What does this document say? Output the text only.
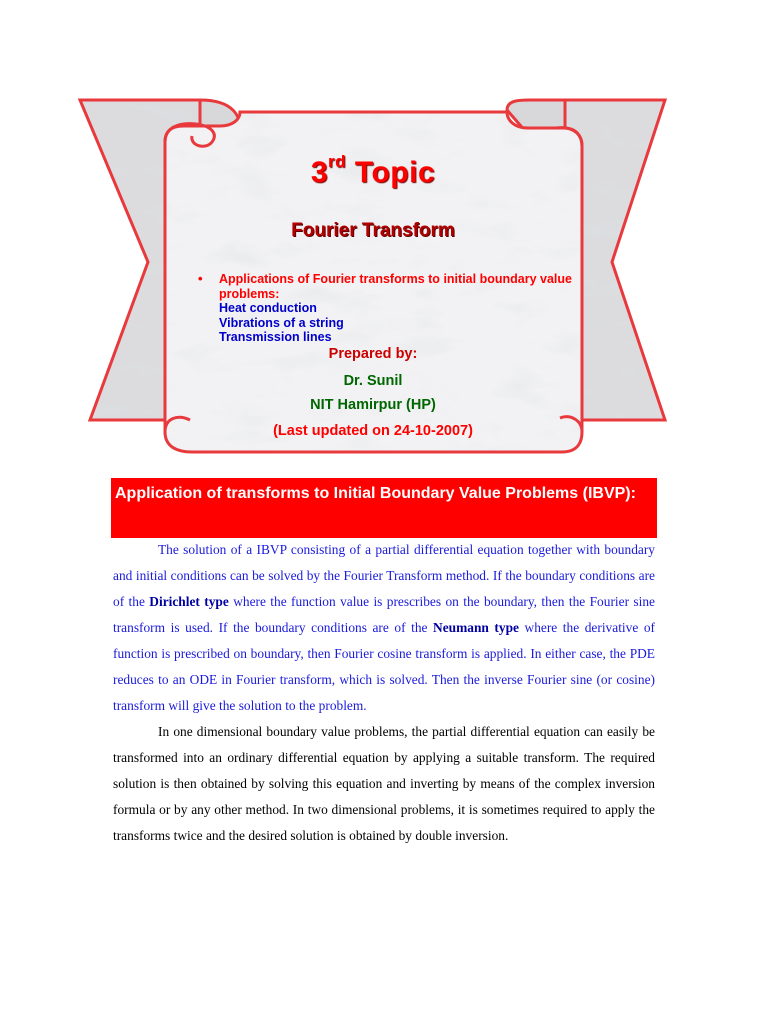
3rd Topic
Fourier Transform
• Applications of Fourier transforms to initial boundary value problems:
Heat conduction
Vibrations of a string
Transmission lines
Prepared by:
Dr. Sunil
NIT Hamirpur (HP)
(Last updated on 24-10-2007)
Application of transforms to Initial Boundary Value Problems (IBVP):

The solution of a IBVP consisting of a partial differential equation together with boundary and initial conditions can be solved by the Fourier Transform method. If the boundary conditions are of the Dirichlet type where the function value is prescribes on the boundary, then the Fourier sine transform is used. If the boundary conditions are of the Neumann type where the derivative of function is prescribed on boundary, then Fourier cosine transform is applied. In either case, the PDE reduces to an ODE in Fourier transform, which is solved. Then the inverse Fourier sine (or cosine) transform will give the solution to the problem.

In one dimensional boundary value problems, the partial differential equation can easily be transformed into an ordinary differential equation by applying a suitable transform. The required solution is then obtained by solving this equation and inverting by means of the complex inversion formula or by any other method. In two dimensional problems, it is sometimes required to apply the transforms twice and the desired solution is obtained by double inversion.
